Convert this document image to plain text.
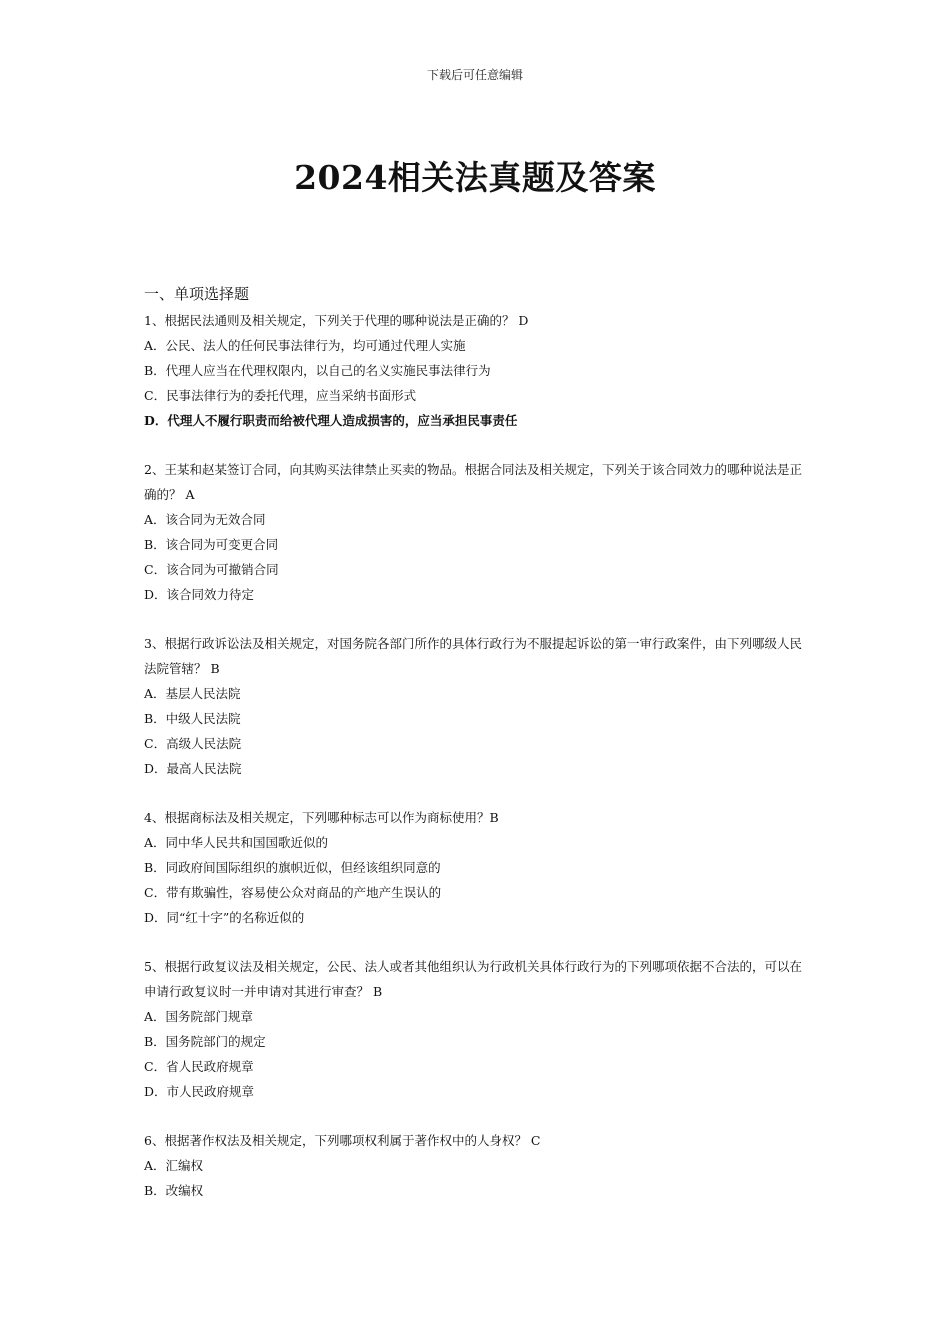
下载后可任意编辑
2024相关法真题及答案
一、单项选择题
1、根据民法通则及相关规定，下列关于代理的哪种说法是正确的？ D
A．公民、法人的任何民事法律行为，均可通过代理人实施
B．代理人应当在代理权限内，以自己的名义实施民事法律行为
C．民事法律行为的委托代理，应当采纳书面形式
D．代理人不履行职责而给被代理人造成损害的，应当承担民事责任
2、王某和赵某签订合同，向其购买法律禁止买卖的物品。根据合同法及相关规定，下列关于该合同效力的哪种说法是正确的？ A
A．该合同为无效合同
B．该合同为可变更合同
C．该合同为可撤销合同
D．该合同效力待定
3、根据行政诉讼法及相关规定，对国务院各部门所作的具体行政行为不服提起诉讼的第一审行政案件，由下列哪级人民法院管辖？ B
A．基层人民法院
B．中级人民法院
C．高级人民法院
D．最高人民法院
4、根据商标法及相关规定，下列哪种标志可以作为商标使用？B
A．同中华人民共和国国歌近似的
B．同政府间国际组织的旗帜近似，但经该组织同意的
C．带有欺骗性，容易使公众对商品的产地产生误认的
D．同“红十字”的名称近似的
5、根据行政复议法及相关规定，公民、法人或者其他组织认为行政机关具体行政行为的下列哪项依据不合法的，可以在申请行政复议时一并申请对其进行审查？ B
A．国务院部门规章
B．国务院部门的规定
C．省人民政府规章
D．市人民政府规章
6、根据著作权法及相关规定，下列哪项权利属于著作权中的人身权？ C
A．汇编权
B．改编权
